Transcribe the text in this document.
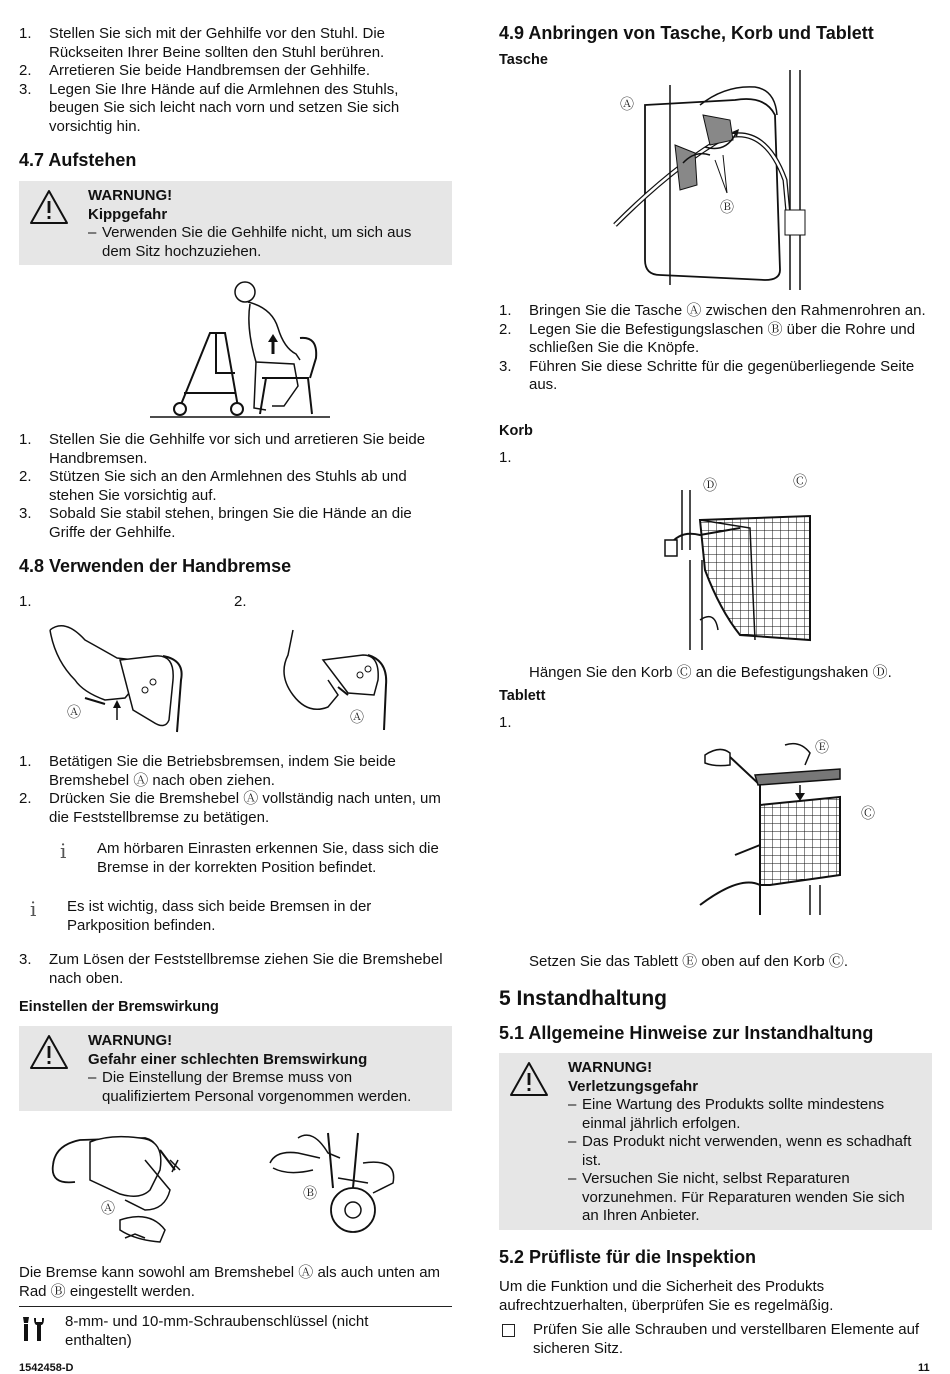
1. Stellen Sie sich mit der Gehhilfe vor den Stuhl. Die Rückseiten Ihrer Beine sollten den Stuhl berühren.
2. Arretieren Sie beide Handbremsen der Gehhilfe.
3. Legen Sie Ihre Hände auf die Armlehnen des Stuhls, beugen Sie sich leicht nach vorn und setzen Sie sich vorsichtig hin.
4.7 Aufstehen
WARNUNG!
Kippgefahr
– Verwenden Sie die Gehhilfe nicht, um sich aus dem Sitz hochzuziehen.
1. Stellen Sie die Gehhilfe vor sich und arretieren Sie beide Handbremsen.
2. Stützen Sie sich an den Armlehnen des Stuhls ab und stehen Sie vorsichtig auf.
3. Sobald Sie stabil stehen, bringen Sie die Hände an die Griffe der Gehhilfe.
4.8 Verwenden der Handbremse
1.	2.
Ⓐ	Ⓐ
1. Betätigen Sie die Betriebsbremsen, indem Sie beide Bremshebel Ⓐ nach oben ziehen.
2. Drücken Sie die Bremshebel Ⓐ vollständig nach unten, um die Feststellbremse zu betätigen.
i Am hörbaren Einrasten erkennen Sie, dass sich die Bremse in der korrekten Position befindet.
i Es ist wichtig, dass sich beide Bremsen in der Parkposition befinden.
3. Zum Lösen der Feststellbremse ziehen Sie die Bremshebel nach oben.
Einstellen der Bremswirkung
WARNUNG!
Gefahr einer schlechten Bremswirkung
– Die Einstellung der Bremse muss von qualifiziertem Personal vorgenommen werden.
Ⓐ
Ⓑ
Die Bremse kann sowohl am Bremshebel Ⓐ als auch unten am Rad Ⓑ eingestellt werden.
8-mm- und 10-mm-Schraubenschlüssel (nicht enthalten)
1542458-D
4.9 Anbringen von Tasche, Korb und Tablett
Tasche
Ⓐ
Ⓑ
1. Bringen Sie die Tasche Ⓐ zwischen den Rahmenrohren an.
2. Legen Sie die Befestigungslaschen Ⓑ über die Rohre und schließen Sie die Knöpfe.
3. Führen Sie diese Schritte für die gegenüberliegende Seite aus.
Korb
1.
Ⓓ	Ⓒ
Hängen Sie den Korb Ⓒ an die Befestigungshaken Ⓓ.
Tablett
1.
Ⓔ
Ⓒ
Setzen Sie das Tablett Ⓔ oben auf den Korb Ⓒ.
5 Instandhaltung
5.1 Allgemeine Hinweise zur Instandhaltung
WARNUNG!
Verletzungsgefahr
– Eine Wartung des Produkts sollte mindestens einmal jährlich erfolgen.
– Das Produkt nicht verwenden, wenn es schadhaft ist.
– Versuchen Sie nicht, selbst Reparaturen vorzunehmen. Für Reparaturen wenden Sie sich an Ihren Anbieter.
5.2 Prüfliste für die Inspektion
Um die Funktion und die Sicherheit des Produkts aufrechtzuerhalten, überprüfen Sie es regelmäßig.
Prüfen Sie alle Schrauben und verstellbaren Elemente auf sicheren Sitz.
11
